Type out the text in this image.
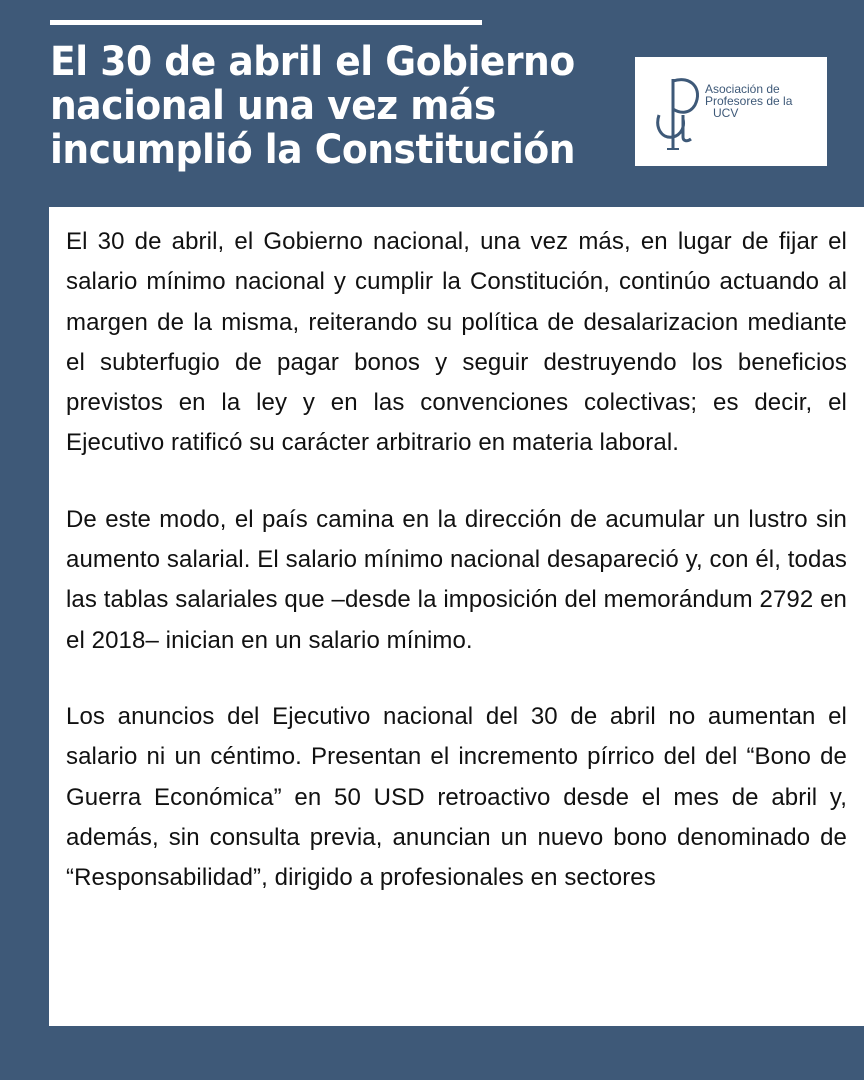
El 30 de abril el Gobierno nacional una vez más incumplió la Constitución
Asociación de
Profesores de la
UCV

El 30 de abril, el Gobierno nacional, una vez más, en lugar de fijar el salario mínimo nacional y cumplir la Constitución, continúo actuando al margen de la misma, reiterando su política de desalarizacion mediante el subterfugio de pagar bonos y seguir destruyendo los beneficios previstos en la ley y en las convenciones colectivas; es decir, el Ejecutivo ratificó su carácter arbitrario en materia laboral.

De este modo, el país camina en la dirección de acumular un lustro sin aumento salarial. El salario mínimo nacional desapareció y, con él, todas las tablas salariales que –desde la imposición del memorándum 2792 en el 2018– inician en un salario mínimo.

Los anuncios del Ejecutivo nacional del 30 de abril no aumentan el salario ni un céntimo. Presentan el incremento pírrico del del “Bono de Guerra Económica” en 50 USD retroactivo desde el mes de abril y, además, sin consulta previa, anuncian un nuevo bono denominado de “Responsabilidad”, dirigido a profesionales en sectores
